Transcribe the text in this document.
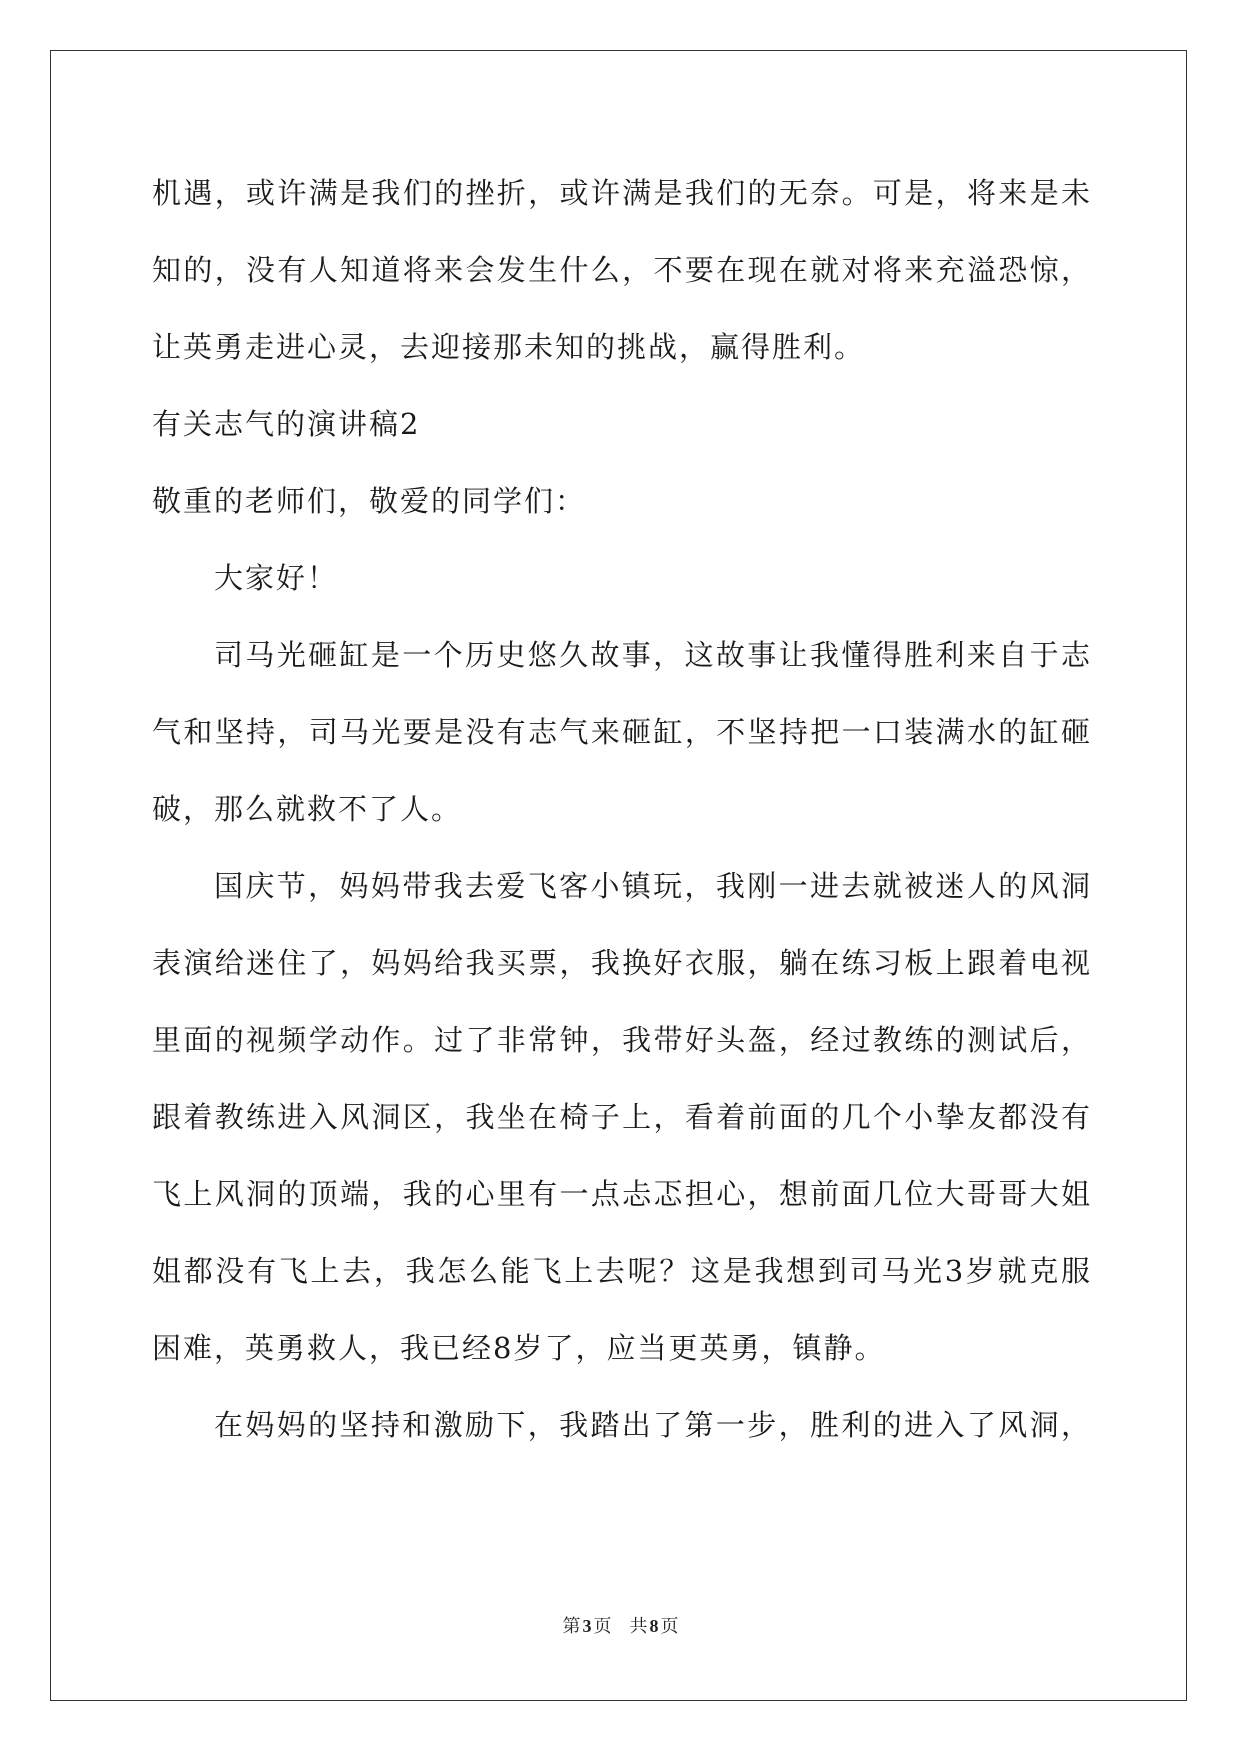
机遇，或许满是我们的挫折，或许满是我们的无奈。可是，将来是未
知的，没有人知道将来会发生什么，不要在现在就对将来充溢恐惊，
让英勇走进心灵，去迎接那未知的挑战，赢得胜利。
有关志气的演讲稿2
敬重的老师们，敬爱的同学们：
大家好！
司马光砸缸是一个历史悠久故事，这故事让我懂得胜利来自于志
气和坚持，司马光要是没有志气来砸缸，不坚持把一口装满水的缸砸
破，那么就救不了人。
国庆节，妈妈带我去爱飞客小镇玩，我刚一进去就被迷人的风洞
表演给迷住了，妈妈给我买票，我换好衣服，躺在练习板上跟着电视
里面的视频学动作。过了非常钟，我带好头盔，经过教练的测试后，
跟着教练进入风洞区，我坐在椅子上，看着前面的几个小挚友都没有
飞上风洞的顶端，我的心里有一点忐忑担心，想前面几位大哥哥大姐
姐都没有飞上去，我怎么能飞上去呢？这是我想到司马光3岁就克服
困难，英勇救人，我已经8岁了，应当更英勇，镇静。
在妈妈的坚持和激励下，我踏出了第一步，胜利的进入了风洞，
第 3 页 共 8 页
